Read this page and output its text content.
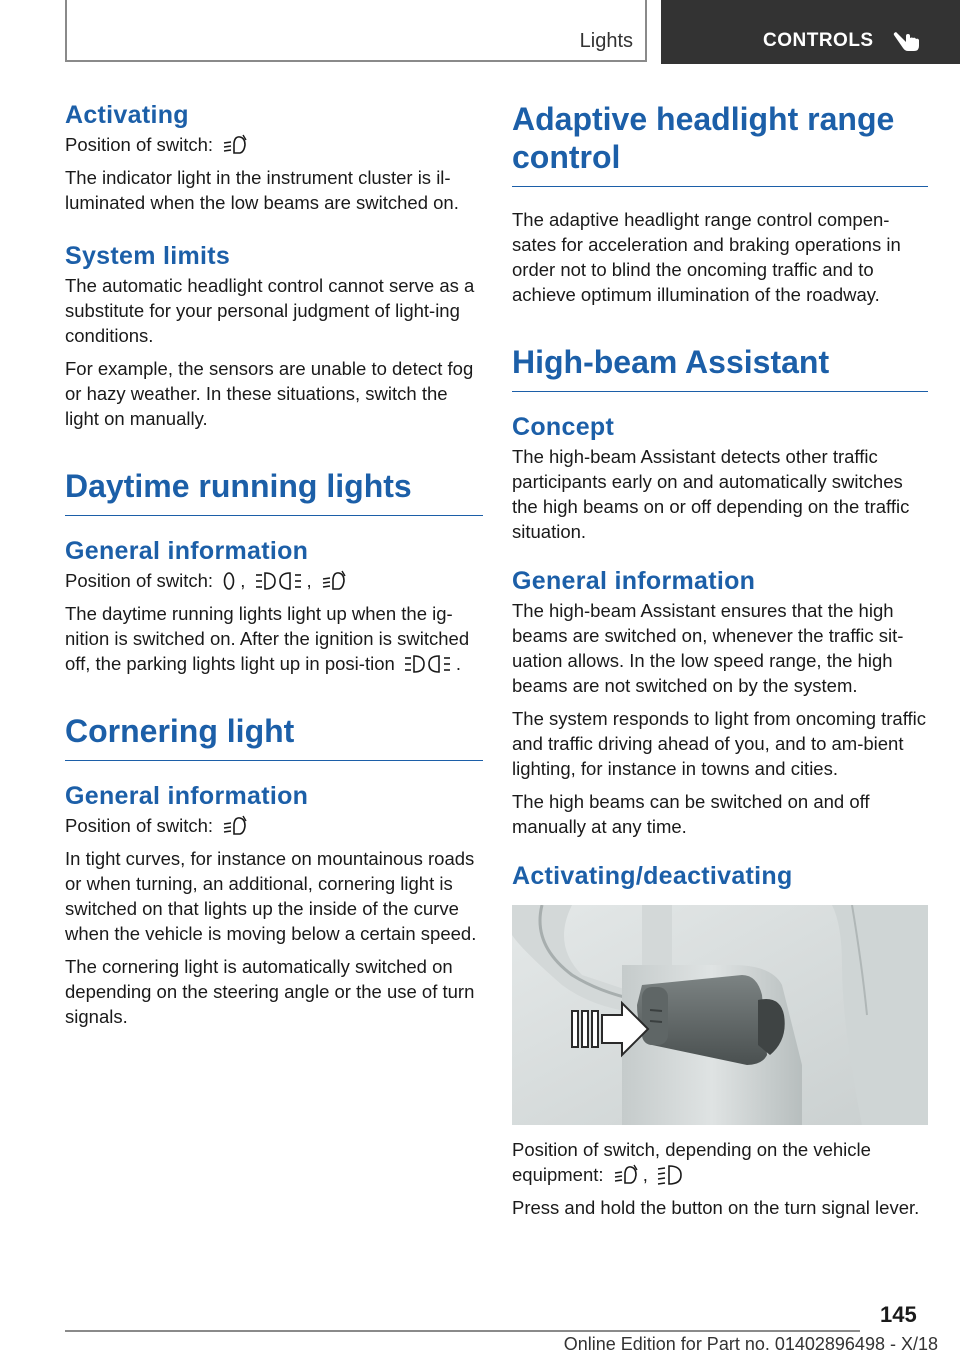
Lights	CONTROLS
Activating

Position of switch:

The indicator light in the instrument cluster is il‐luminated when the low beams are switched on.

System limits

The automatic headlight control cannot serve as a substitute for your personal judgment of light‐ing conditions.

For example, the sensors are unable to detect fog or hazy weather. In these situations, switch the light on manually.

Daytime running lights
General information

Position of switch: ,	,

The daytime running lights light up when the ig‐nition is switched on. After the ignition is switched off, the parking lights light up in posi‐tion	.

Cornering light
General information

Position of switch:

In tight curves, for instance on mountainous roads or when turning, an additional, cornering light is switched on that lights up the inside of the curve when the vehicle is moving below a certain speed.

The cornering light is automatically switched on depending on the steering angle or the use of turn signals.

Adaptive headlight range control

The adaptive headlight range control compen‐sates for acceleration and braking operations in order not to blind the oncoming traffic and to achieve optimum illumination of the roadway.

High-beam Assistant
Concept

The high-beam Assistant detects other traffic participants early on and automatically switches the high beams on or off depending on the traffic situation.

General information

The high-beam Assistant ensures that the high beams are switched on, whenever the traffic sit‐uation allows. In the low speed range, the high beams are not switched on by the system.

The system responds to light from oncoming traffic and traffic driving ahead of you, and to am‐bient lighting, for instance in towns and cities.

The high beams can be switched on and off manually at any time.

Activating/deactivating

Position of switch, depending on the vehicle equipment: ,

Press and hold the button on the turn signal lever.

145
Online Edition for Part no. 01402896498 - X/18
